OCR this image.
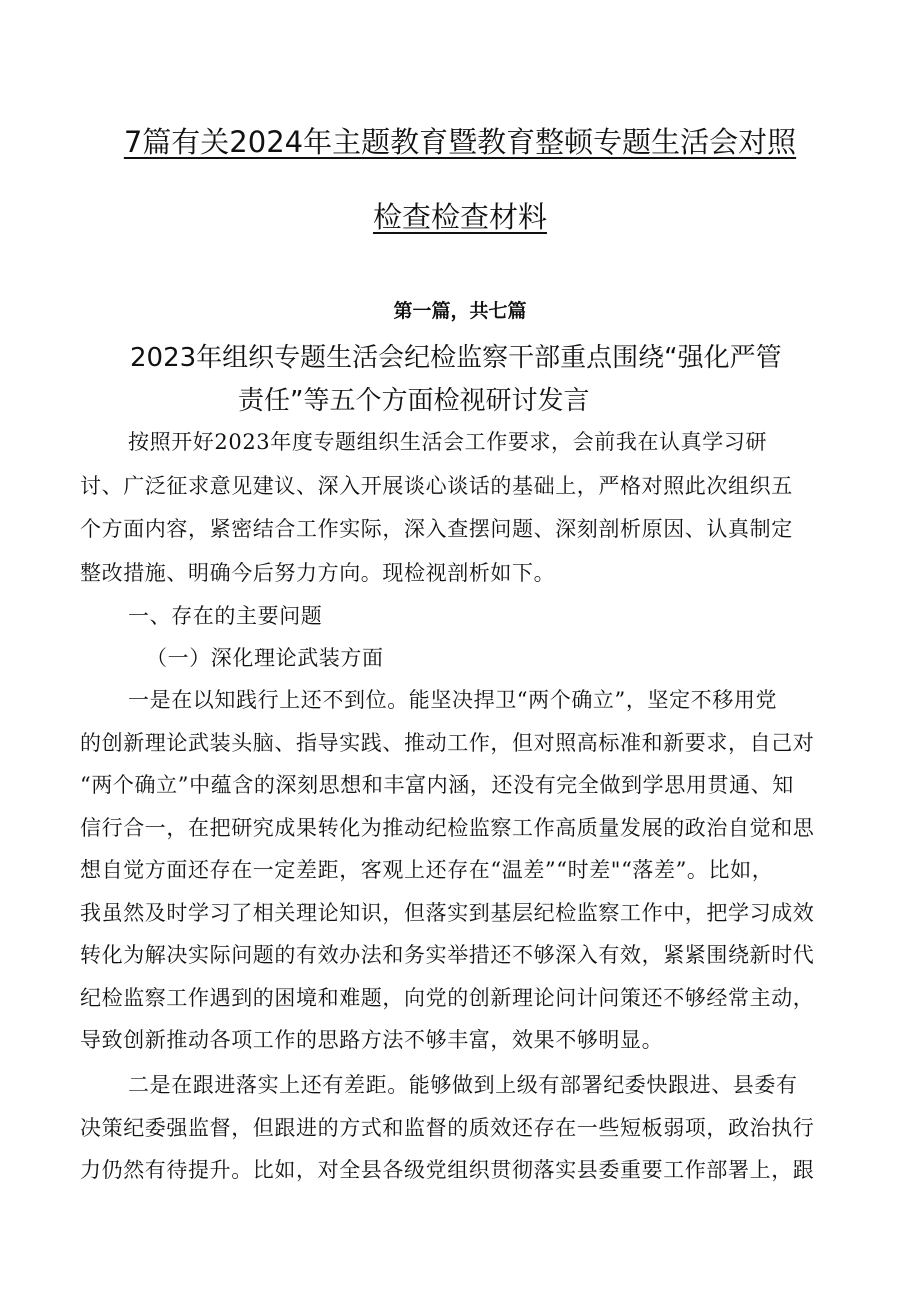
7篇有关2024年主题教育暨教育整顿专题生活会对照
检查检查材料
第一篇，共七篇
2023年组织专题生活会纪检监察干部重点围绕“强化严管
责任”等五个方面检视研讨发言
按照开好2023年度专题组织生活会工作要求，会前我在认真学习研
讨、广泛征求意见建议、深入开展谈心谈话的基础上，严格对照此次组织五
个方面内容，紧密结合工作实际，深入查摆问题、深刻剖析原因、认真制定
整改措施、明确今后努力方向。现检视剖析如下。
一、存在的主要问题
（一）深化理论武装方面
一是在以知践行上还不到位。能坚决捍卫“两个确立”，坚定不移用党
的创新理论武装头脑、指导实践、推动工作，但对照高标准和新要求，自己对
“两个确立”中蕴含的深刻思想和丰富内涵，还没有完全做到学思用贯通、知
信行合一，在把研究成果转化为推动纪检监察工作高质量发展的政治自觉和思
想自觉方面还存在一定差距，客观上还存在“温差”“时差"“落差”。比如，
我虽然及时学习了相关理论知识，但落实到基层纪检监察工作中，把学习成效
转化为解决实际问题的有效办法和务实举措还不够深入有效，紧紧围绕新时代
纪检监察工作遇到的困境和难题，向党的创新理论问计问策还不够经常主动，
导致创新推动各项工作的思路方法不够丰富，效果不够明显。
二是在跟进落实上还有差距。能够做到上级有部署纪委快跟进、县委有
决策纪委强监督，但跟进的方式和监督的质效还存在一些短板弱项，政治执行
力仍然有待提升。比如，对全县各级党组织贯彻落实县委重要工作部署上，跟
